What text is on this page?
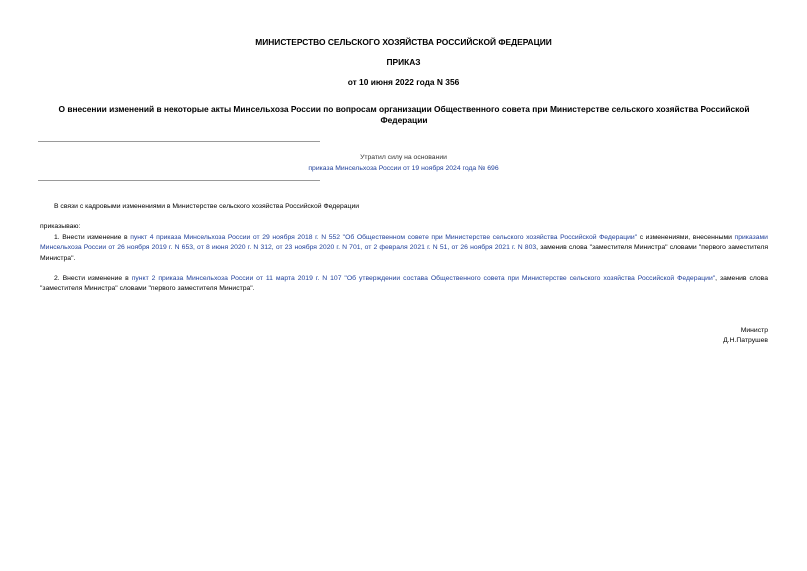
МИНИСТЕРСТВО СЕЛЬСКОГО ХОЗЯЙСТВА РОССИЙСКОЙ ФЕДЕРАЦИИ
ПРИКАЗ
от 10 июня 2022 года N 356
О внесении изменений в некоторые акты Минсельхоза России по вопросам организации Общественного совета при Министерстве сельского хозяйства Российской Федерации
Утратил силу на основании
приказа Минсельхоза России от 19 ноября 2024 года № 696
В связи с кадровыми изменениями в Министерстве сельского хозяйства Российской Федерации
приказываю:
1. Внести изменение в пункт 4 приказа Минсельхоза России от 29 ноября 2018 г. N 552 "Об Общественном совете при Министерстве сельского хозяйства Российской Федерации" с изменениями, внесенными приказами Минсельхоза России от 26 ноября 2019 г. N 653, от 8 июня 2020 г. N 312, от 23 ноября 2020 г. N 701, от 2 февраля 2021 г. N 51, от 26 ноября 2021 г. N 803, заменив слова "заместителя Министра" словами "первого заместителя Министра".
2. Внести изменение в пункт 2 приказа Минсельхоза России от 11 марта 2019 г. N 107 "Об утверждении состава Общественного совета при Министерстве сельского хозяйства Российской Федерации", заменив слова "заместителя Министра" словами "первого заместителя Министра".
Министр
Д.Н.Патрушев
